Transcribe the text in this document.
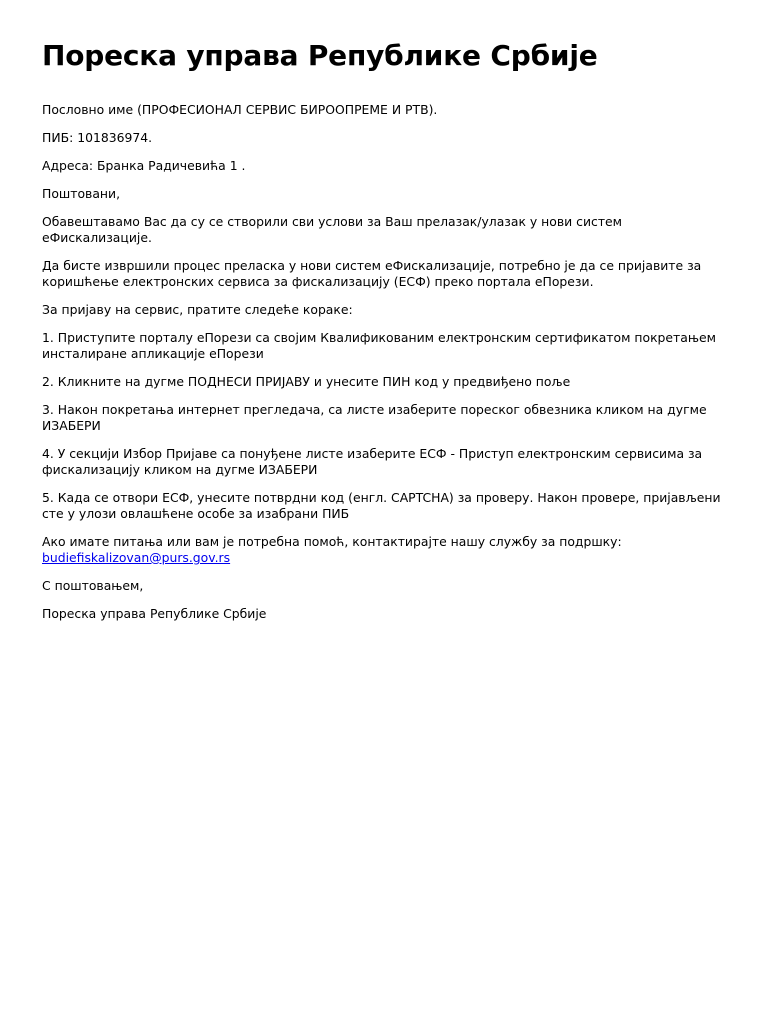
Пореска управа Републике Србије

Пословно име (ПРОФЕСИОНАЛ СЕРВИС БИРООПРЕМЕ И РТВ).

ПИБ: 101836974.

Адреса: Бранка Радичевића 1 .

Поштовани,

Обавештавамо Вас да су се створили сви услови за Ваш прелазак/улазак у нови систем еФискализације.

Да бисте извршили процес преласка у нови систем еФискализације, потребно је да се пријавите за коришћење електронских сервиса за фискализацију (ЕСФ) преко портала еПорези.

За пријаву на сервис, пратите следеће кораке:

1. Приступите порталу еПорези са својим Квалификованим електронским сертификатом покретањем инсталиране апликације еПорези

2. Кликните на дугме ПОДНЕСИ ПРИЈАВУ и унесите ПИН код у предвиђено поље

3. Након покретања интернет прегледача, са листе изаберите пореског обвезника кликом на дугме ИЗАБЕРИ

4. У секцији Избор Пријаве са понуђене листе изаберите ЕСФ - Приступ електронским сервисима за фискализацију кликом на дугме ИЗАБЕРИ

5. Када се отвори ЕСФ, унесите потврдни код (енгл. CAPTCHA) за проверу. Након провере, пријављени сте у улози овлашћене особе за изабрани ПИБ

Ако имате питања или вам је потребна помоћ, контактирајте нашу службу за подршку: budiefiskalizovan@purs.gov.rs

С поштовањем,

Пореска управа Републике Србије
